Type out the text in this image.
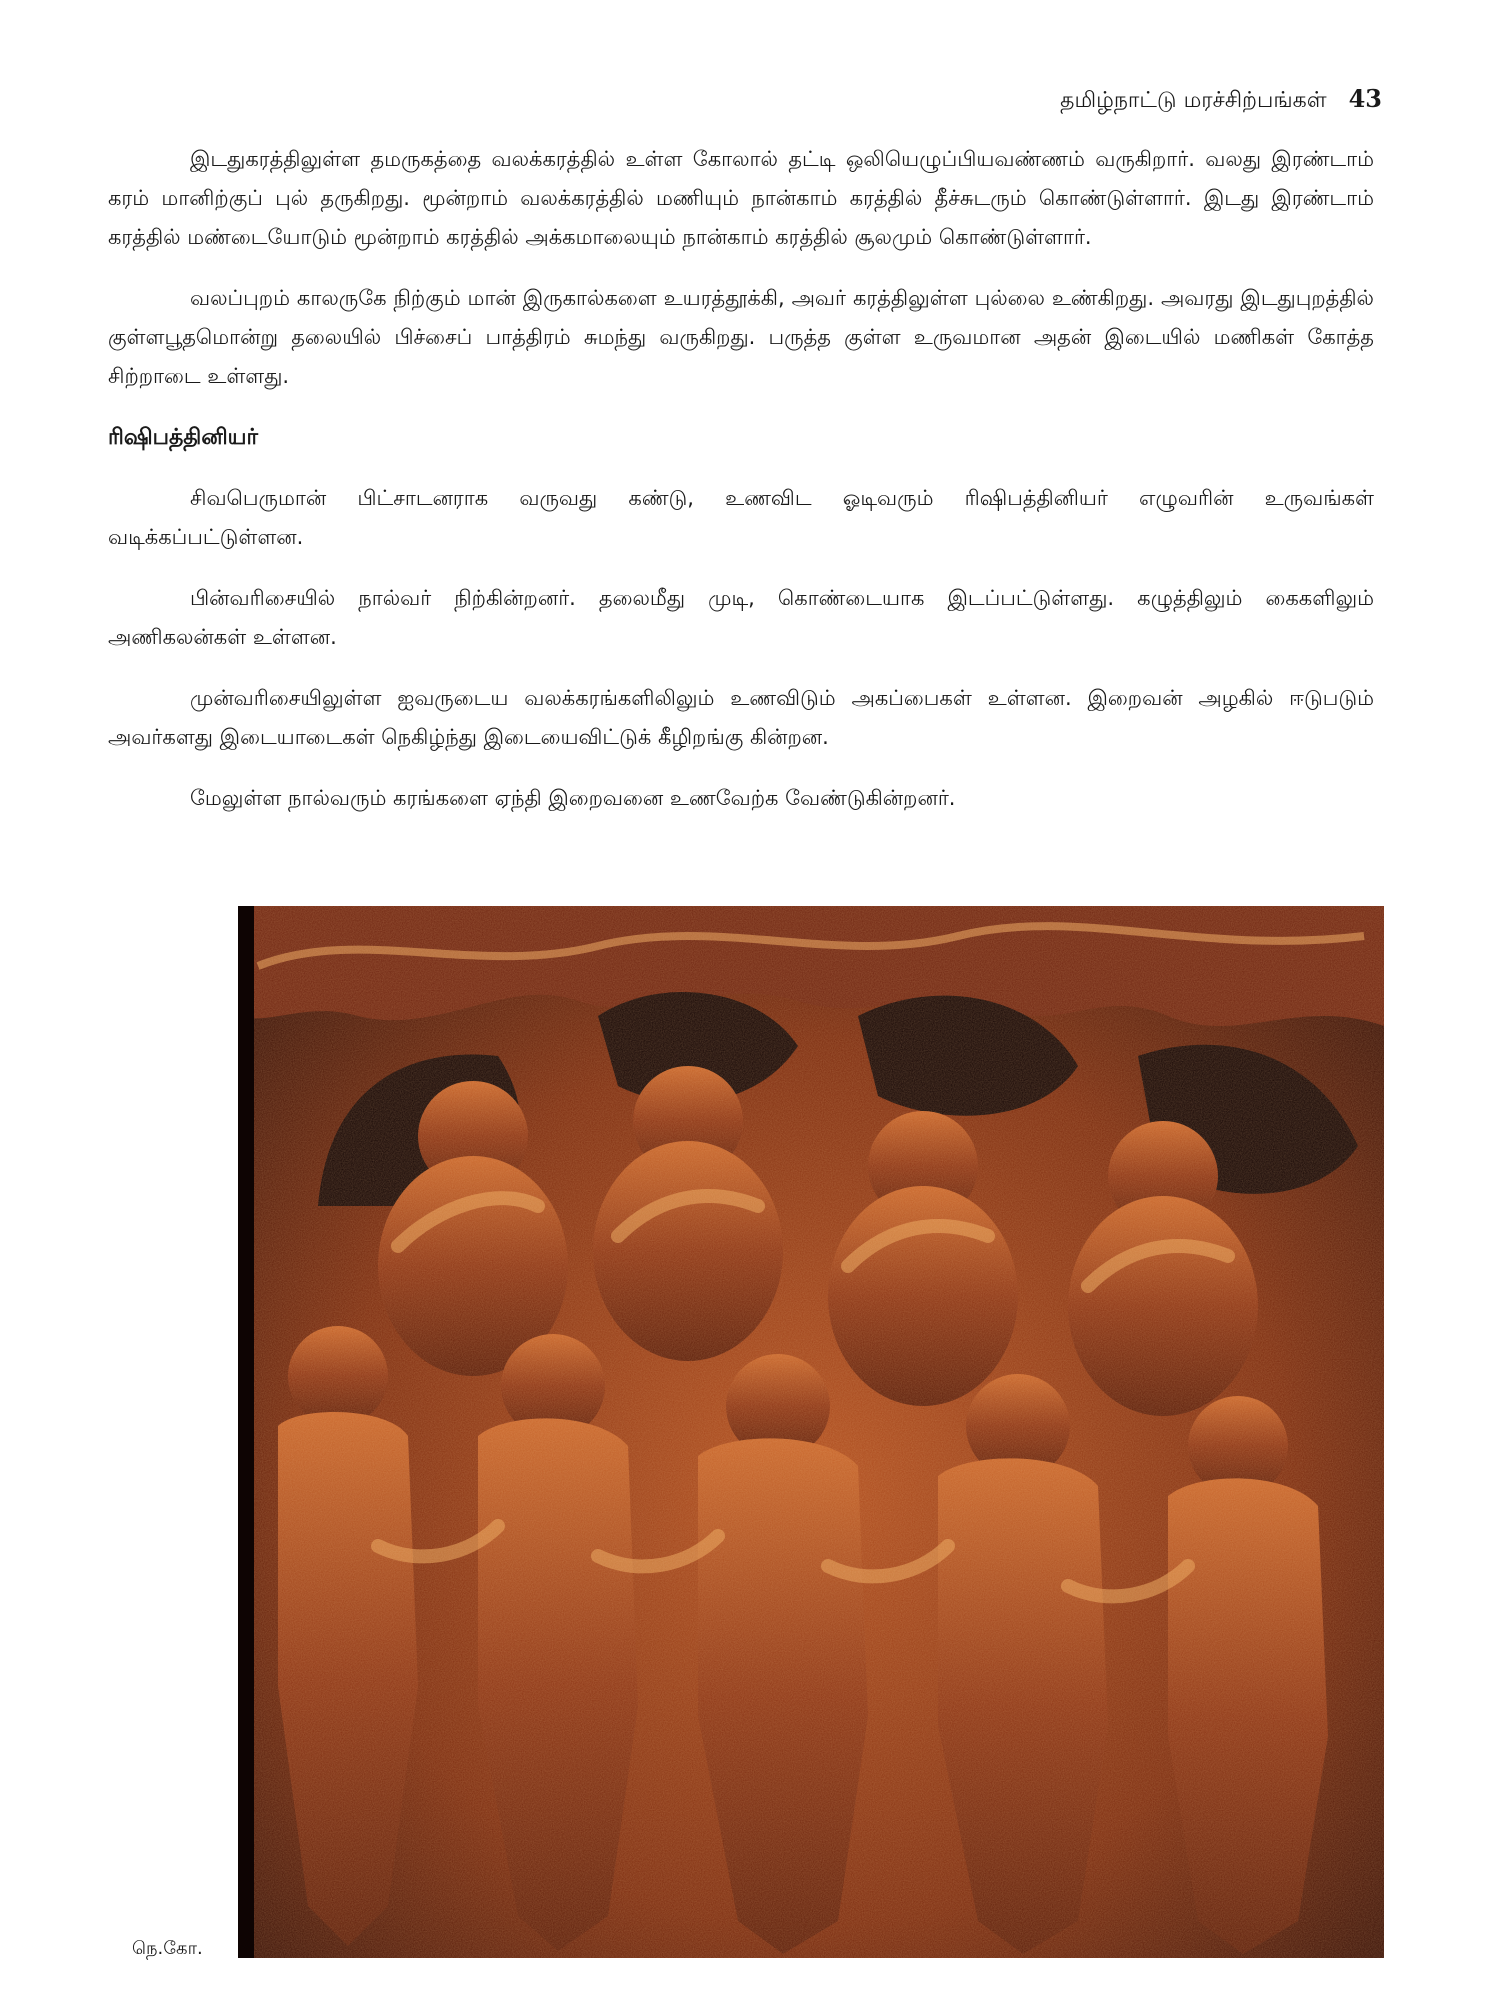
தமிழ்நாட்டு மரச்சிற்பங்கள் 43

இடதுகரத்திலுள்ள தமருகத்தை வலக்கரத்தில் உள்ள கோலால் தட்டி ஒலியெழுப்பியவண்ணம் வருகிறார். வலது இரண்டாம் கரம் மானிற்குப் புல் தருகிறது. மூன்றாம் வலக்கரத்தில் மணியும் நான்காம் கரத்தில் தீச்சுடரும் கொண்டுள்ளார். இடது இரண்டாம் கரத்தில் மண்டையோடும் மூன்றாம் கரத்தில் அக்கமாலையும் நான்காம் கரத்தில் சூலமும் கொண்டுள்ளார்.

வலப்புறம் காலருகே நிற்கும் மான் இருகால்களை உயரத்தூக்கி, அவர் கரத்திலுள்ள புல்லை உண்கிறது. அவரது இடதுபுறத்தில் குள்ளபூதமொன்று தலையில் பிச்சைப் பாத்திரம் சுமந்து வருகிறது. பருத்த குள்ள உருவமான அதன் இடையில் மணிகள் கோத்த சிற்றாடை உள்ளது.

ரிஷிபத்தினியர்

சிவபெருமான் பிட்சாடனராக வருவது கண்டு, உணவிட ஓடிவரும் ரிஷிபத்தினியர் எழுவரின் உருவங்கள் வடிக்கப்பட்டுள்ளன.

பின்வரிசையில் நால்வர் நிற்கின்றனர். தலைமீது முடி, கொண்டையாக இடப்பட்டுள்ளது. கழுத்திலும் கைகளிலும் அணிகலன்கள் உள்ளன.

முன்வரிசையிலுள்ள ஐவருடைய வலக்கரங்களிலிலும் உணவிடும் அகப்பைகள் உள்ளன. இறைவன் அழகில் ஈடுபடும் அவர்களது இடையாடைகள் நெகிழ்ந்து இடையைவிட்டுக் கீழிறங்கு கின்றன.

மேலுள்ள நால்வரும் கரங்களை ஏந்தி இறைவனை உணவேற்க வேண்டுகின்றனர்.

நெ.கோ.
